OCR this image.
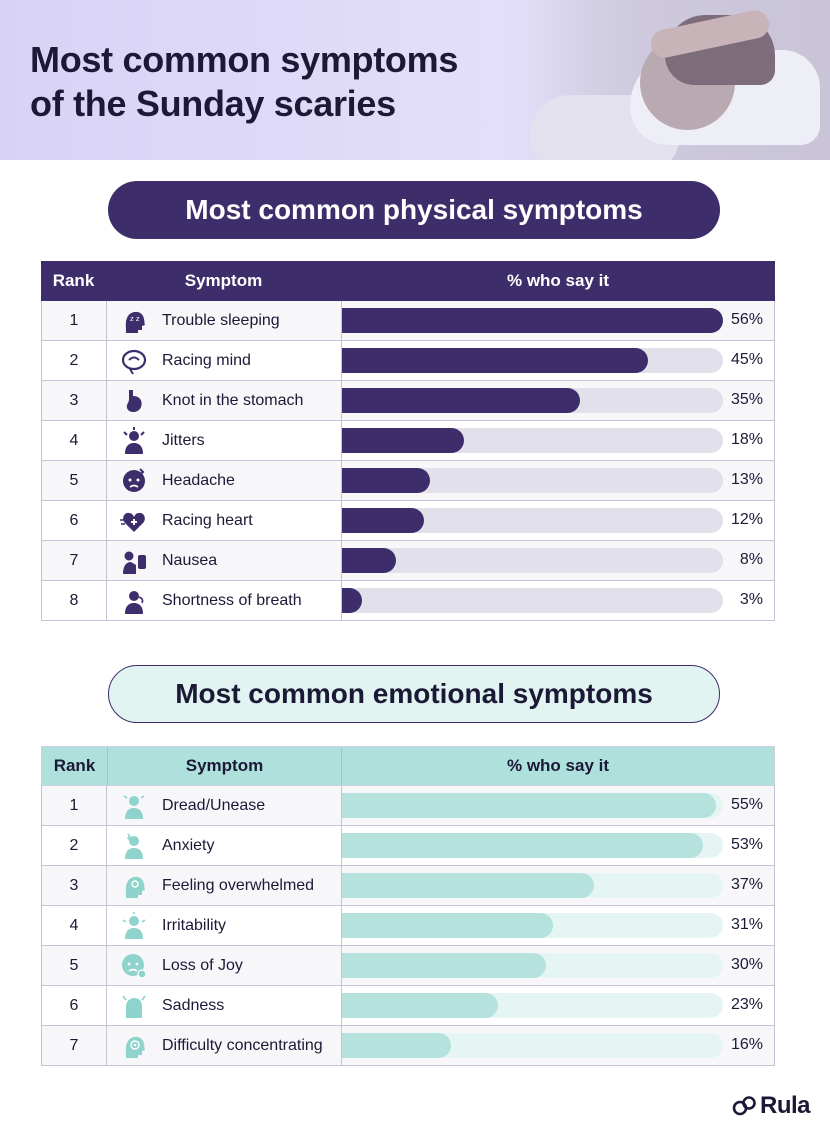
Most common symptoms
of the Sunday scaries
Most common physical symptoms
Rank	Symptom	% who say it
1	z z Trouble sleeping	56%
2	Racing mind	45%
3	Knot in the stomach	35%
4	Jitters	18%
5	Headache	13%
6	Racing heart	12%
7	Nausea	8%
8	Shortness of breath	3%
Most common emotional symptoms
Rank	Symptom	% who say it
1	Dread/Unease	55%
2	Anxiety	53%
3	Feeling overwhelmed	37%
4	Irritability	31%
5	Loss of Joy	30%
6	Sadness	23%
7	Difficulty concentrating	16%
Rula
